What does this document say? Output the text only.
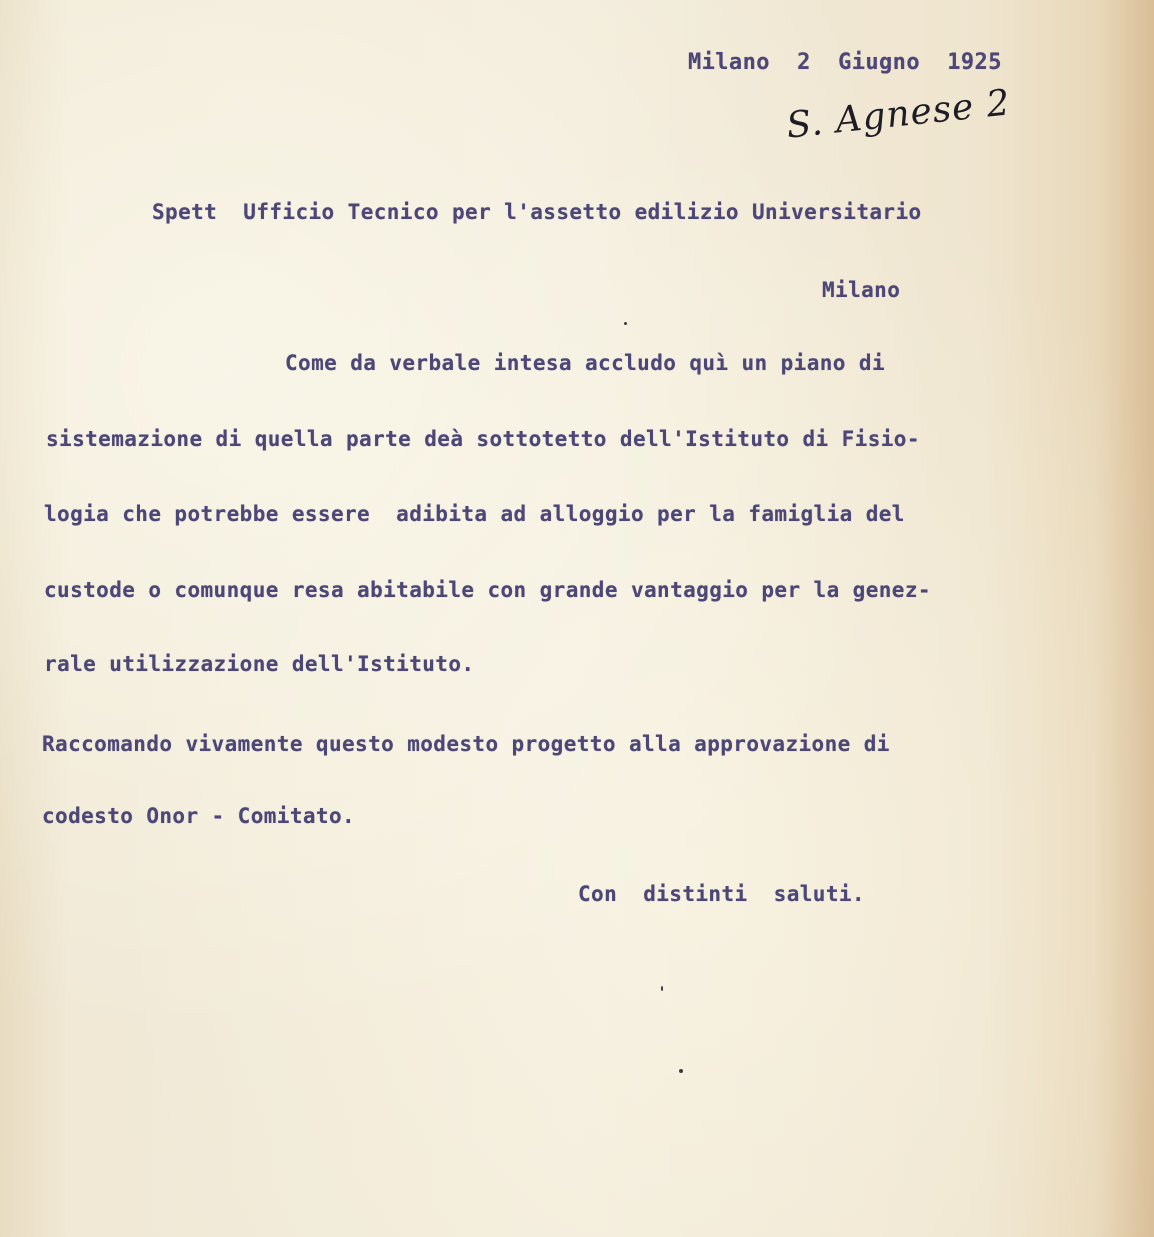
Milano  2  Giugno  1925
S. Agnese 2
Spett  Ufficio Tecnico per l'assetto edilizio Universitario
Milano
Come da verbale intesa accludo quì un piano di
sistemazione di quella parte deà sottotetto dell'Istituto di Fisio-
logia che potrebbe essere  adibita ad alloggio per la famiglia del
custode o comunque resa abitabile con grande vantaggio per la genez-
rale utilizzazione dell'Istituto.
Raccomando vivamente questo modesto progetto alla approvazione di
codesto Onor - Comitato.
Con  distinti  saluti.
